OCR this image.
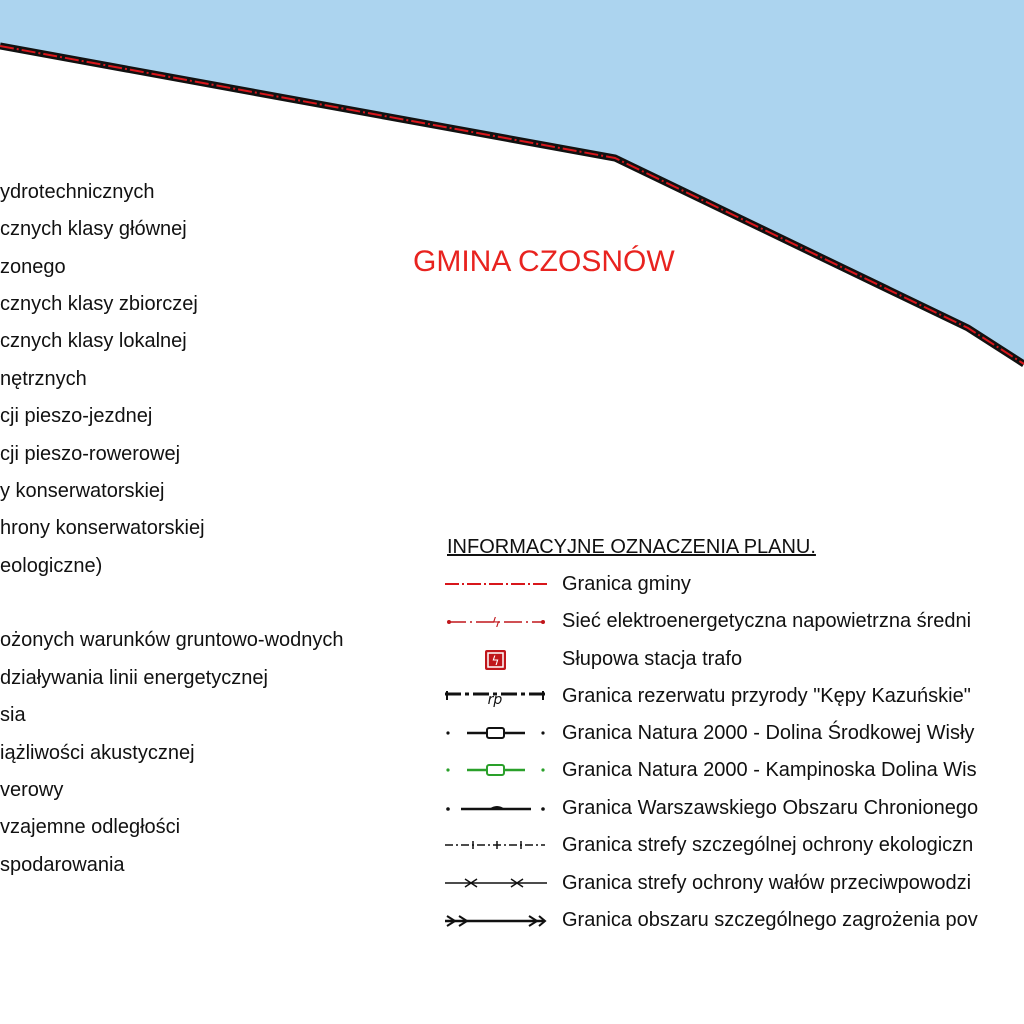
ydrotechnicznych
cznych klasy głównej
zonego
cznych klasy zbiorczej
cznych klasy lokalnej
nętrznych
cji pieszo-jezdnej
cji pieszo-rowerowej
y konserwatorskiej
hrony konserwatorskiej
eologiczne)
ożonych warunków gruntowo-wodnych
działywania linii energetycznej
sia
iążliwości akustycznej
verowy
vzajemne odległości
spodarowania
GMINA CZOSNÓW
INFORMACYJNE OZNACZENIA PLANU.
Granica gminy
ϟ	Sieć elektroenergetyczna napowietrzna średni
ϟ	Słupowa stacja trafo
rp	Granica rezerwatu przyrody "Kępy Kazuńskie"
Granica Natura 2000 - Dolina Środkowej Wisły
Granica Natura 2000 - Kampinoska Dolina Wis
Granica Warszawskiego Obszaru Chronionego
Granica strefy szczególnej ochrony ekologiczn
Granica strefy ochrony wałów przeciwpowodzi
Granica obszaru szczególnego zagrożenia pov
